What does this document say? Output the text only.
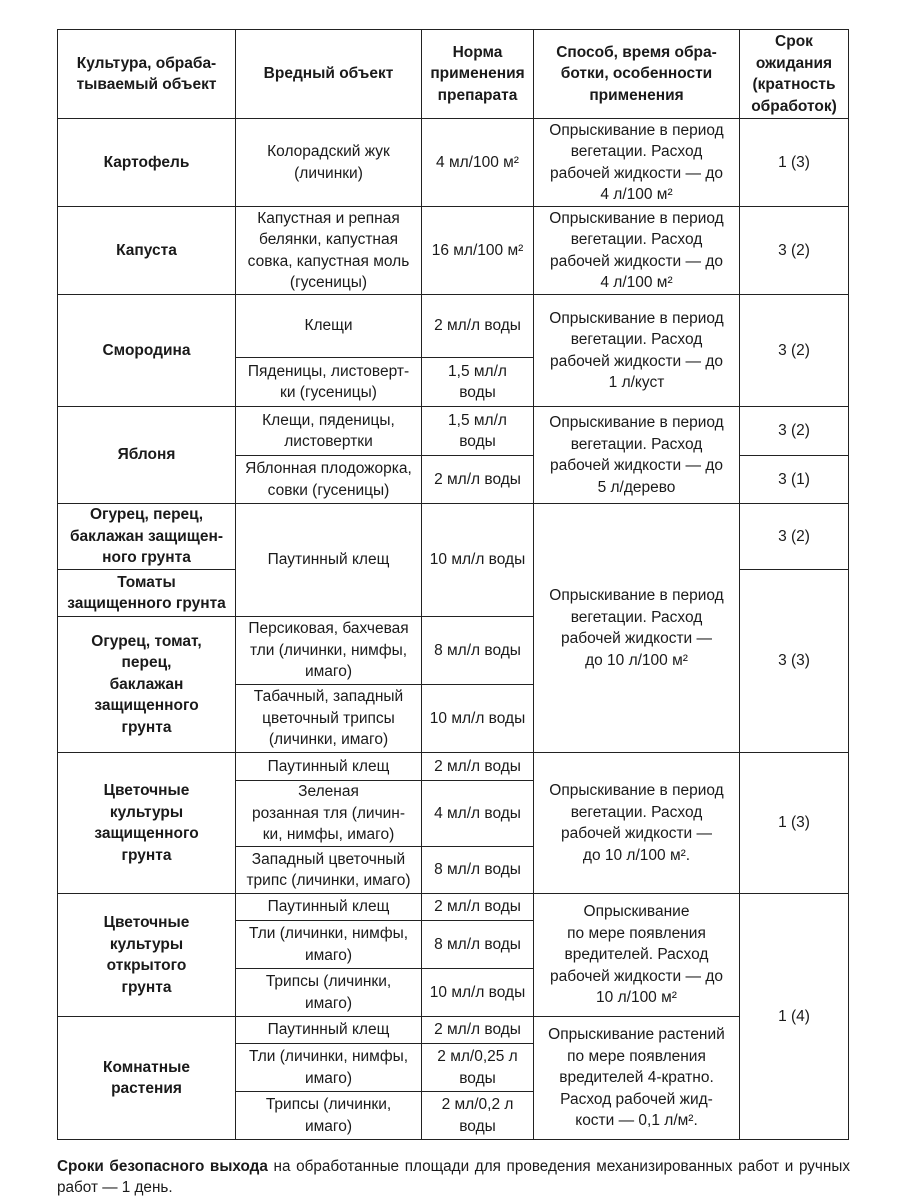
Культура, обраба-
тываемый объект	Вредный объект	Норма
применения
препарата	Способ, время обра-
ботки, особенности
применения	Срок
ожидания
(кратность
обработок)
Картофель	Колорадский жук
(личинки)	4 мл/100 м²	Опрыскивание в период
вегетации. Расход
рабочей жидкости — до
4 л/100 м²	1 (3)
Капуста	Капустная и репная
белянки, капустная
совка, капустная моль
(гусеницы)	16 мл/100 м²	Опрыскивание в период
вегетации. Расход
рабочей жидкости — до
4 л/100 м²	3 (2)
Смородина	Клещи	2 мл/л воды	Опрыскивание в период
вегетации. Расход
рабочей жидкости — до
1 л/куст	3 (2)
	Пяденицы, листоверт-
ки (гусеницы)	1,5 мл/л
воды		
Яблоня	Клещи, пяденицы,
листовертки	1,5 мл/л
воды	Опрыскивание в период
вегетации. Расход
рабочей жидкости — до
5 л/дерево	3 (2)
	Яблонная плодожорка,
совки (гусеницы)	2 мл/л воды		3 (1)
Огурец, перец,
баклажан защищен-
ного грунта	Паутинный клещ	10 мл/л воды	Опрыскивание в период
вегетации. Расход
рабочей жидкости —
до 10 л/100 м²	3 (2)
Томаты
защищенного грунта				3 (3)
Огурец, томат,
перец,
баклажан
защищенного
грунта	Персиковая, бахчевая
тли (личинки, нимфы,
имаго)	8 мл/л воды		
	Табачный, западный
цветочный трипсы
(личинки, имаго)	10 мл/л воды		
Цветочные
культуры
защищенного
грунта	Паутинный клещ	2 мл/л воды	Опрыскивание в период
вегетации. Расход
рабочей жидкости —
до 10 л/100 м².	1 (3)
	Зеленая
розанная тля (личин-
ки, нимфы, имаго)	4 мл/л воды		
	Западный цветочный
трипс (личинки, имаго)	8 мл/л воды		
Цветочные
культуры
открытого
грунта	Паутинный клещ	2 мл/л воды	Опрыскивание
по мере появления
вредителей. Расход
рабочей жидкости — до
10 л/100 м²	1 (4)
	Тли (личинки, нимфы,
имаго)	8 мл/л воды		
	Трипсы (личинки,
имаго)	10 мл/л воды		
Комнатные
растения	Паутинный клещ	2 мл/л воды	Опрыскивание растений
по мере появления
вредителей 4-кратно.
Расход рабочей жид-
кости — 0,1 л/м².	
	Тли (личинки, нимфы,
имаго)	2 мл/0,25 л
воды		
	Трипсы (личинки,
имаго)	2 мл/0,2 л
воды		

Сроки безопасного выхода на обработанные площади для проведения механизированных работ и ручных работ — 1 день.
